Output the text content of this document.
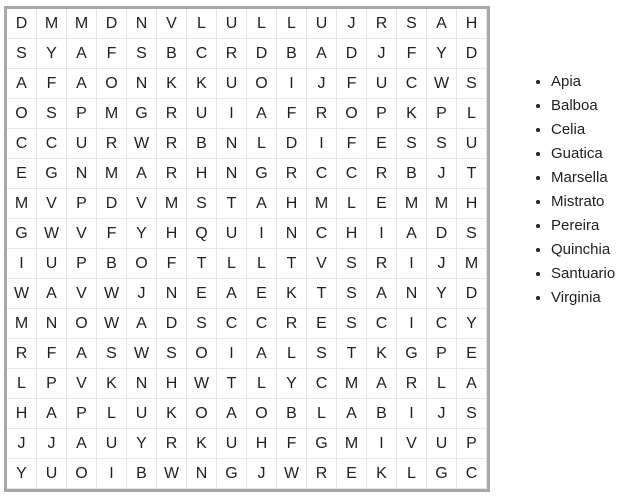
D	M	M	D	N	V	L	U	L	L	U	J	R	S	A	H
S	Y	A	F	S	B	C	R	D	B	A	D	J	F	Y	D
A	F	A	O	N	K	K	U	O	I	J	F	U	C	W	S
O	S	P	M	G	R	U	I	A	F	R	O	P	K	P	L
C	C	U	R	W	R	B	N	L	D	I	F	E	S	S	U
E	G	N	M	A	R	H	N	G	R	C	C	R	B	J	T
M	V	P	D	V	M	S	T	A	H	M	L	E	M	M	H
G	W	V	F	Y	H	Q	U	I	N	C	H	I	A	D	S
I	U	P	B	O	F	T	L	L	T	V	S	R	I	J	M
W	A	V	W	J	N	E	A	E	K	T	S	A	N	Y	D
M	N	O	W	A	D	S	C	C	R	E	S	C	I	C	Y
R	F	A	S	W	S	O	I	A	L	S	T	K	G	P	E
L	P	V	K	N	H	W	T	L	Y	C	M	A	R	L	A
H	A	P	L	U	K	O	A	O	B	L	A	B	I	J	S
J	J	A	U	Y	R	K	U	H	F	G	M	I	V	U	P
Y	U	O	I	B	W	N	G	J	W	R	E	K	L	G	C
• Apia
• Balboa
• Celia
• Guatica
• Marsella
• Mistrato
• Pereira
• Quinchia
• Santuario
• Virginia
